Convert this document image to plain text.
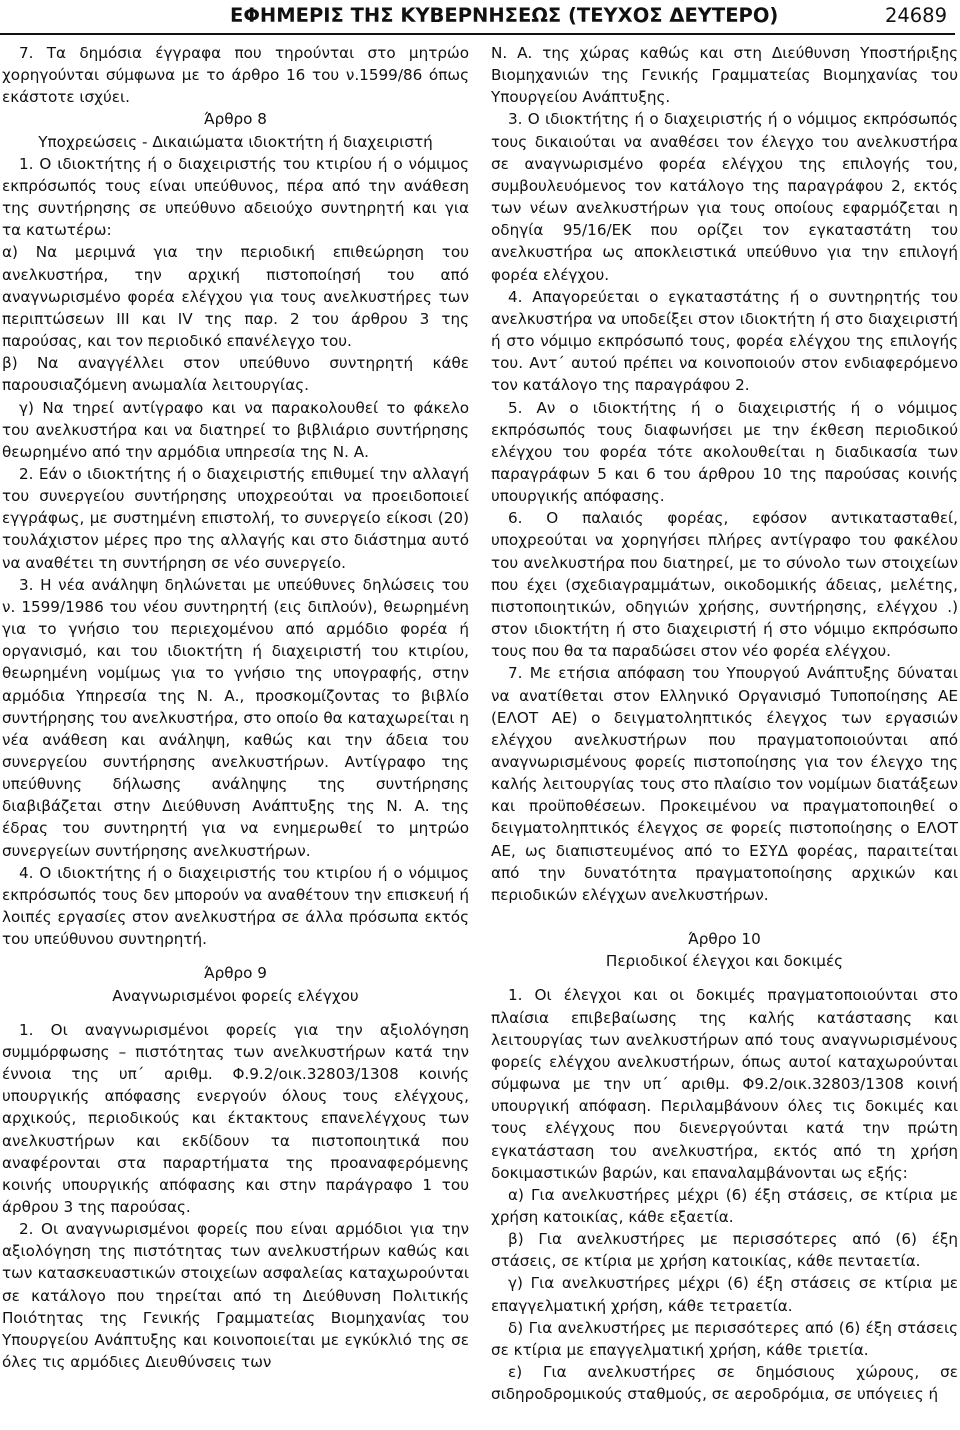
ΕΦΗΜΕΡΙΣ ΤΗΣ ΚΥΒΕΡΝΗΣΕΩΣ (ΤΕΥΧΟΣ ΔΕΥΤΕΡΟ)	24689

7. Τα δημόσια έγγραφα που τηρούνται στο μητρώο χορηγούνται σύμφωνα με το άρθρο 16 του ν.1599/86 όπως εκάστοτε ισχύει.

Άρθρο 8

Υποχρεώσεις - Δικαιώματα ιδιοκτήτη ή διαχειριστή

1. Ο ιδιοκτήτης ή ο διαχειριστής του κτιρίου ή ο νόμιμος εκπρόσωπός τους είναι υπεύθυνος, πέρα από την ανάθεση της συντήρησης σε υπεύθυνο αδειούχο συντηρητή και για τα κατωτέρω:

α) Να μεριμνά για την περιοδική επιθεώρηση του ανελκυστήρα, την αρχική πιστοποίησή του από αναγνωρισμένο φορέα ελέγχου για τους ανελκυστήρες των περιπτώσεων ΙΙΙ και ΙV της παρ. 2 του άρθρου 3 της παρούσας, και τον περιοδικό επανέλεγχο του.

β) Να αναγγέλλει στον υπεύθυνο συντηρητή κάθε παρουσιαζόμενη ανωμαλία λειτουργίας.

γ) Να τηρεί αντίγραφο και να παρακολουθεί το φάκελο του ανελκυστήρα και να διατηρεί το βιβλιάριο συντήρησης θεωρημένο από την αρμόδια υπηρεσία της Ν. Α.

2. Εάν ο ιδιοκτήτης ή ο διαχειριστής επιθυμεί την αλλαγή του συνεργείου συντήρησης υποχρεούται να προειδοποιεί εγγράφως, με συστημένη επιστολή, το συνεργείο είκοσι (20) τουλάχιστον μέρες προ της αλλαγής και στο διάστημα αυτό να αναθέτει τη συντήρηση σε νέο συνεργείο.

3. Η νέα ανάληψη δηλώνεται με υπεύθυνες δηλώσεις του ν. 1599/1986 του νέου συντηρητή (εις διπλούν), θεωρημένη για το γνήσιο του περιεχομένου από αρμόδιο φορέα ή οργανισμό, και του ιδιοκτήτη ή διαχειριστή του κτιρίου, θεωρημένη νομίμως για το γνήσιο της υπογραφής, στην αρμόδια Υπηρεσία της Ν. Α., προσκομίζοντας το βιβλίο συντήρησης του ανελκυστήρα, στο οποίο θα καταχωρείται η νέα ανάθεση και ανάληψη, καθώς και την άδεια του συνεργείου συντήρησης ανελκυστήρων. Αντίγραφο της υπεύθυνης δήλωσης ανάληψης της συντήρησης διαβιβάζεται στην Διεύθυνση Ανάπτυξης της Ν. Α. της έδρας του συντηρητή για να ενημερωθεί το μητρώο συνεργείων συντήρησης ανελκυστήρων.

4. Ο ιδιοκτήτης ή ο διαχειριστής του κτιρίου ή ο νόμιμος εκπρόσωπός τους δεν μπορούν να αναθέτουν την επισκευή ή λοιπές εργασίες στον ανελκυστήρα σε άλλα πρόσωπα εκτός του υπεύθυνου συντηρητή.

Άρθρο 9

Αναγνωρισμένοι φορείς ελέγχου

1. Οι αναγνωρισμένοι φορείς για την αξιολόγηση συμμόρφωσης – πιστότητας των ανελκυστήρων κατά την έννοια της υπ΄ αριθμ. Φ.9.2/οικ.32803/1308 κοινής υπουργικής απόφασης ενεργούν όλους τους ελέγχους, αρχικούς, περιοδικούς και έκτακτους επανελέγχους των ανελκυστήρων και εκδίδουν τα πιστοποιητικά που αναφέρονται στα παραρτήματα της προαναφερόμενης κοινής υπουργικής απόφασης και στην παράγραφο 1 του άρθρου 3 της παρούσας.

2. Οι αναγνωρισμένοι φορείς που είναι αρμόδιοι για την αξιολόγηση της πιστότητας των ανελκυστήρων καθώς και των κατασκευαστικών στοιχείων ασφαλείας καταχωρούνται σε κατάλογο που τηρείται από τη Διεύθυνση Πολιτικής Ποιότητας της Γενικής Γραμματείας Βιομηχανίας του Υπουργείου Ανάπτυξης και κοινοποιείται με εγκύκλιό της σε όλες τις αρμόδιες Διευθύνσεις των

Ν. Α. της χώρας καθώς και στη Διεύθυνση Υποστήριξης Βιομηχανιών της Γενικής Γραμματείας Βιομηχανίας του Υπουργείου Ανάπτυξης.

3. Ο ιδιοκτήτης ή ο διαχειριστής ή ο νόμιμος εκπρόσωπός τους δικαιούται να αναθέσει τον έλεγχο του ανελκυστήρα σε αναγνωρισμένο φορέα ελέγχου της επιλογής του, συμβουλευόμενος τον κατάλογο της παραγράφου 2, εκτός των νέων ανελκυστήρων για τους οποίους εφαρμόζεται η οδηγία 95/16/ΕΚ που ορίζει τον εγκαταστάτη του ανελκυστήρα ως αποκλειστικά υπεύθυνο για την επιλογή φορέα ελέγχου.

4. Απαγορεύεται ο εγκαταστάτης ή ο συντηρητής του ανελκυστήρα να υποδείξει στον ιδιοκτήτη ή στο διαχειριστή ή στο νόμιμο εκπρόσωπό τους, φορέα ελέγχου της επιλογής του. Αντ΄ αυτού πρέπει να κοινοποιούν στον ενδιαφερόμενο τον κατάλογο της παραγράφου 2.

5. Αν ο ιδιοκτήτης ή ο διαχειριστής ή ο νόμιμος εκπρόσωπός τους διαφωνήσει με την έκθεση περιοδικού ελέγχου του φορέα τότε ακολουθείται η διαδικασία των παραγράφων 5 και 6 του άρθρου 10 της παρούσας κοινής υπουργικής απόφασης.

6. Ο παλαιός φορέας, εφόσον αντικατασταθεί, υποχρεούται να χορηγήσει πλήρες αντίγραφο του φακέλου του ανελκυστήρα που διατηρεί, με το σύνολο των στοιχείων που έχει (σχεδιαγραμμάτων, οικοδομικής άδειας, μελέτης, πιστοποιητικών, οδηγιών χρήσης, συντήρησης, ελέγχου .) στον ιδιοκτήτη ή στο διαχειριστή ή στο νόμιμο εκπρόσωπο τους που θα τα παραδώσει στον νέο φορέα ελέγχου.

7. Με ετήσια απόφαση του Υπουργού Ανάπτυξης δύναται να ανατίθεται στον Ελληνικό Οργανισμό Τυποποίησης ΑΕ (ΕΛΟΤ ΑΕ) ο δειγματοληπτικός έλεγχος των εργασιών ελέγχου ανελκυστήρων που πραγματοποιούνται από αναγνωρισμένους φορείς πιστοποίησης για τον έλεγχο της καλής λειτουργίας τους στο πλαίσιο τον νομίμων διατάξεων και προϋποθέσεων. Προκειμένου να πραγματοποιηθεί ο δειγματοληπτικός έλεγχος σε φορείς πιστοποίησης ο ΕΛΟΤ ΑΕ, ως διαπιστευμένος από το ΕΣΥΔ φορέας, παραιτείται από την δυνατότητα πραγματοποίησης αρχικών και περιοδικών ελέγχων ανελκυστήρων.

Άρθρο 10

Περιοδικοί έλεγχοι και δοκιμές

1. Οι έλεγχοι και οι δοκιμές πραγματοποιούνται στο πλαίσια επιβεβαίωσης της καλής κατάστασης και λειτουργίας των ανελκυστήρων από τους αναγνωρισμένους φορείς ελέγχου ανελκυστήρων, όπως αυτοί καταχωρούνται σύμφωνα με την υπ΄ αριθμ. Φ9.2/οικ.32803/1308 κοινή υπουργική απόφαση. Περιλαμβάνουν όλες τις δοκιμές και τους ελέγχους που διενεργούνται κατά την πρώτη εγκατάσταση του ανελκυστήρα, εκτός από τη χρήση δοκιμαστικών βαρών, και επαναλαμβάνονται ως εξής:

α) Για ανελκυστήρες μέχρι (6) έξη στάσεις, σε κτίρια με χρήση κατοικίας, κάθε εξαετία.

β) Για ανελκυστήρες με περισσότερες από (6) έξη στάσεις, σε κτίρια με χρήση κατοικίας, κάθε πενταετία.

γ) Για ανελκυστήρες μέχρι (6) έξη στάσεις σε κτίρια με επαγγελματική χρήση, κάθε τετραετία.

δ) Για ανελκυστήρες με περισσότερες από (6) έξη στάσεις σε κτίρια με επαγγελματική χρήση, κάθε τριετία.

ε) Για ανελκυστήρες σε δημόσιους χώρους, σε σιδηροδρομικούς σταθμούς, σε αεροδρόμια, σε υπόγειες ή
